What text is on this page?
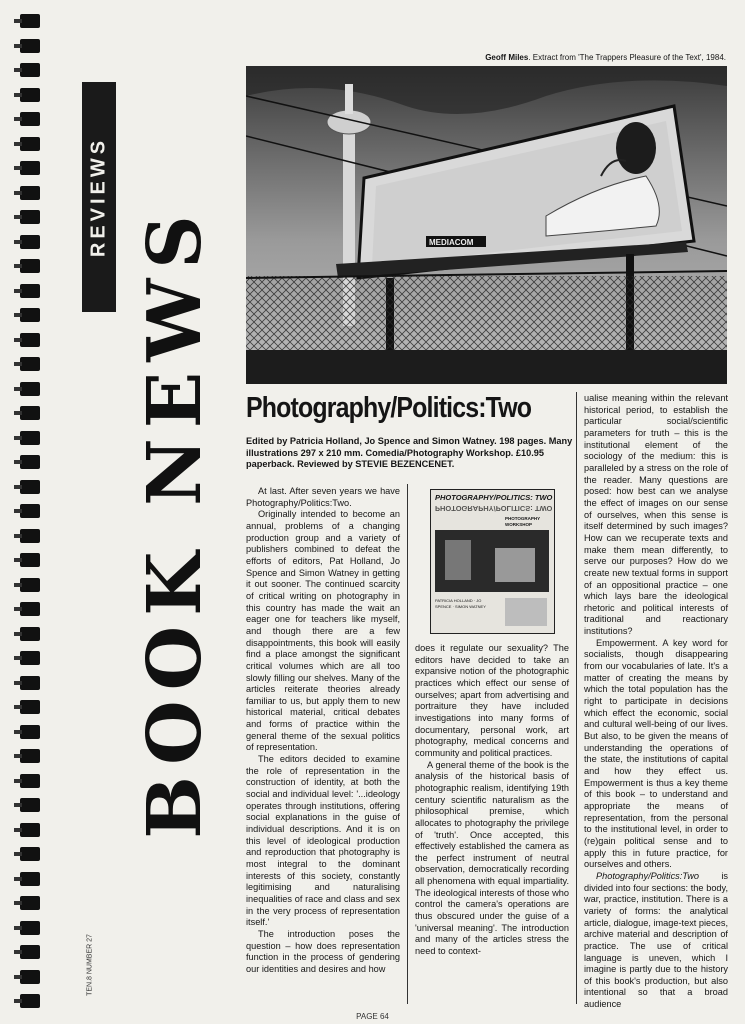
REVIEWS
BOOK NEWS
TEN.8 NUMBER 27
Geoff Miles. Extract from 'The Trappers Pleasure of the Text', 1984.
MEDIACOM
Photography/Politics:Two
Edited by Patricia Holland, Jo Spence and Simon Watney. 198 pages. Many illustrations 297 x 210 mm. Comedia/Photography Workshop. £10.95 paperback. Reviewed by STEVIE BEZENCENET.

At last. After seven years we have Photography/Politics:Two.

Originally intended to become an annual, problems of a changing production group and a variety of publishers combined to defeat the efforts of editors, Pat Holland, Jo Spence and Simon Watney in getting it out sooner. The continued scarcity of critical writing on photography in this country has made the wait an eager one for teachers like myself, and though there are a few disappointments, this book will easily find a place amongst the significant critical volumes which are all too slowly filling our shelves. Many of the articles reiterate theories already familiar to us, but apply them to new historical material, critical debates and forms of practice within the general theme of the sexual politics of representation.

The editors decided to examine the role of representation in the construction of identity, at both the social and individual level: '...ideology operates through institutions, offering social explanations in the guise of individual descriptions. And it is on this level of ideological production and reproduction that photography is most integral to the dominant interests of this society, constantly legitimising and naturalising inequalities of race and class and sex in the very process of representation itself.'

The introduction poses the question – how does representation function in the process of gendering our identities and desires and how

PHOTOGRAPHY/POLITICS: TWO
PHOTOGRAPHY/POLITICS: TWO
PHOTOGRAPHY WORKSHOP
PATRICIA HOLLAND · JO SPENCE · SIMON WATNEY

does it regulate our sexuality? The editors have decided to take an expansive notion of the photographic practices which effect our sense of ourselves; apart from advertising and portraiture they have included investigations into many forms of documentary, personal work, art photography, medical concerns and community and political practices.

A general theme of the book is the analysis of the historical basis of photographic realism, identifying 19th century scientific naturalism as the philosophical premise, which allocates to photography the privilege of 'truth'. Once accepted, this effectively established the camera as the perfect instrument of neutral observation, democratically recording all phenomena with equal impartiality. The ideological interests of those who control the camera's operations are thus obscured under the guise of a 'universal meaning'. The introduction and many of the articles stress the need to context-

ualise meaning within the relevant historical period, to establish the particular social/scientific parameters for truth – this is the institutional element of the sociology of the medium: this is paralleled by a stress on the role of the reader. Many questions are posed: how best can we analyse the effect of images on our sense of ourselves, when this sense is itself determined by such images? How can we recuperate texts and make them mean differently, to serve our purposes? How do we create new textual forms in support of an oppositional practice – one which lays bare the ideological rhetoric and political interests of traditional and reactionary institutions?

Empowerment. A key word for socialists, though disappearing from our vocabularies of late. It's a matter of creating the means by which the total population has the right to participate in decisions which effect the economic, social and cultural well-being of our lives. But also, to be given the means of understanding the operations of the state, the institutions of capital and how they effect us. Empowerment is thus a key theme of this book – to understand and appropriate the means of representation, from the personal to the institutional level, in order to (re)gain political sense and to apply this in future practice, for ourselves and others.

Photography/Politics:Two is divided into four sections: the body, war, practice, institution. There is a variety of forms: the analytical article, dialogue, image-text pieces, archive material and description of practice. The use of critical language is uneven, which I imagine is partly due to the history of this book's production, but also intentional so that a broad audience

PAGE 64
